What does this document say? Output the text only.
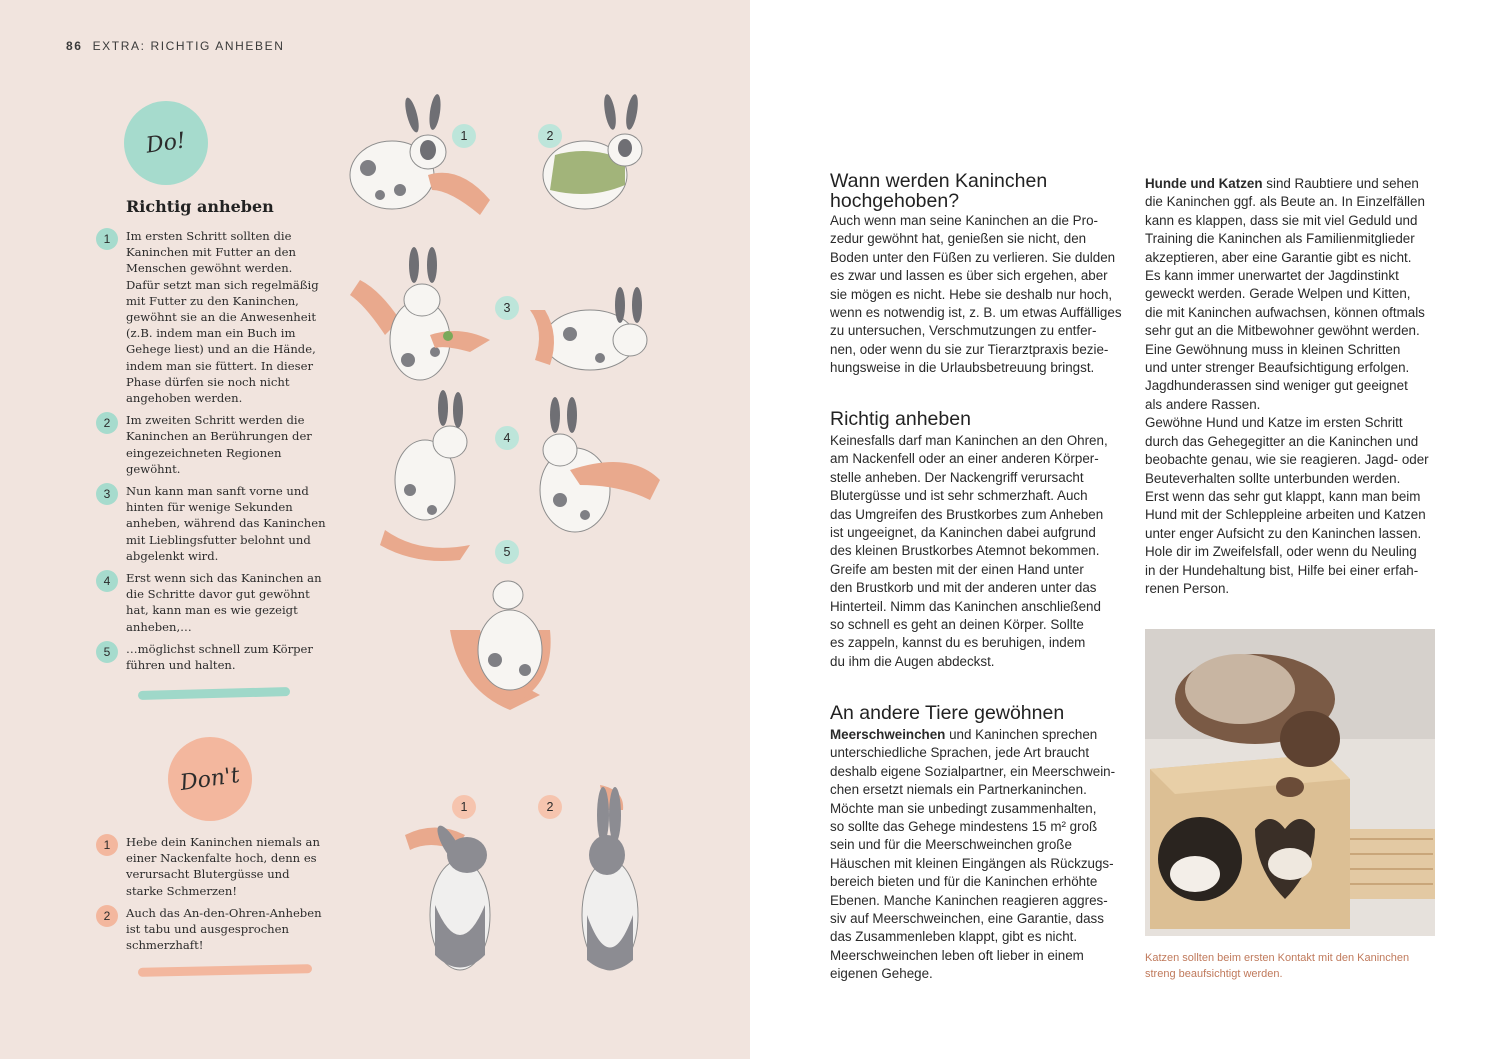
86 EXTRA: RICHTIG ANHEBEN
Do!
Richtig anheben
1	Im ersten Schritt sollten die Kaninchen mit Futter an den Menschen gewöhnt werden. Dafür setzt man sich regelmäßig mit Futter zu den Kaninchen, gewöhnt sie an die Anwesenheit (z.B. indem man ein Buch im Gehege liest) und an die Hände, indem man sie füttert. In dieser Phase dürfen sie noch nicht angehoben werden.
2	Im zweiten Schritt werden die Kaninchen an Berührungen der eingezeichneten Regionen gewöhnt.
3	Nun kann man sanft vorne und hinten für wenige Sekunden anheben, während das Kaninchen mit Lieblingsfutter belohnt und abgelenkt wird.
4	Erst wenn sich das Kaninchen an die Schritte davor gut gewöhnt hat, kann man es wie gezeigt anheben,…
5	…möglichst schnell zum Körper führen und halten.
Don't
1	Hebe dein Kaninchen niemals an einer Nackenfalte hoch, denn es verursacht Blutergüsse und starke Schmerzen!
2	Auch das An-den-Ohren-Anheben ist tabu und ausgesprochen schmerzhaft!
1	2
3
4
5
1	2
Wann werden Kaninchen hochgehoben?
Auch wenn man seine Kaninchen an die Pro-
zedur gewöhnt hat, genießen sie nicht, den
Boden unter den Füßen zu verlieren. Sie dulden
es zwar und lassen es über sich ergehen, aber
sie mögen es nicht. Hebe sie deshalb nur hoch,
wenn es notwendig ist, z. B. um etwas Auffälliges
zu untersuchen, Verschmutzungen zu entfer-
nen, oder wenn du sie zur Tierarztpraxis bezie-
hungsweise in die Urlaubsbetreuung bringst.
Richtig anheben
Keinesfalls darf man Kaninchen an den Ohren,
am Nackenfell oder an einer anderen Körper-
stelle anheben. Der Nackengriff verursacht
Blutergüsse und ist sehr schmerzhaft. Auch
das Umgreifen des Brustkorbes zum Anheben
ist ungeeignet, da Kaninchen dabei aufgrund
des kleinen Brustkorbes Atemnot bekommen.
Greife am besten mit der einen Hand unter
den Brustkorb und mit der anderen unter das
Hinterteil. Nimm das Kaninchen anschließend
so schnell es geht an deinen Körper. Sollte
es zappeln, kannst du es beruhigen, indem
du ihm die Augen abdeckst.
An andere Tiere gewöhnen
Meerschweinchen und Kaninchen sprechen
unterschiedliche Sprachen, jede Art braucht
deshalb eigene Sozialpartner, ein Meerschwein-
chen ersetzt niemals ein Partnerkaninchen.
Möchte man sie unbedingt zusammenhalten,
so sollte das Gehege mindestens 15 m² groß
sein und für die Meerschweinchen große
Häuschen mit kleinen Eingängen als Rückzugs-
bereich bieten und für die Kaninchen erhöhte
Ebenen. Manche Kaninchen reagieren aggres-
siv auf Meerschweinchen, eine Garantie, dass
das Zusammenleben klappt, gibt es nicht.
Meerschweinchen leben oft lieber in einem
eigenen Gehege.
Hunde und Katzen sind Raubtiere und sehen
die Kaninchen ggf. als Beute an. In Einzelfällen
kann es klappen, dass sie mit viel Geduld und
Training die Kaninchen als Familienmitglieder
akzeptieren, aber eine Garantie gibt es nicht.
Es kann immer unerwartet der Jagdinstinkt
geweckt werden. Gerade Welpen und Kitten,
die mit Kaninchen aufwachsen, können oftmals
sehr gut an die Mitbewohner gewöhnt werden.
Eine Gewöhnung muss in kleinen Schritten
und unter strenger Beaufsichtigung erfolgen.
Jagdhunderassen sind weniger gut geeignet
als andere Rassen.
Gewöhne Hund und Katze im ersten Schritt
durch das Gehegegitter an die Kaninchen und
beobachte genau, wie sie reagieren. Jagd- oder
Beuteverhalten sollte unterbunden werden.
Erst wenn das sehr gut klappt, kann man beim
Hund mit der Schleppleine arbeiten und Katzen
unter enger Aufsicht zu den Kaninchen lassen.
Hole dir im Zweifelsfall, oder wenn du Neuling
in der Hundehaltung bist, Hilfe bei einer erfah-
renen Person.
Katzen sollten beim ersten Kontakt mit den Kaninchen
streng beaufsichtigt werden.
